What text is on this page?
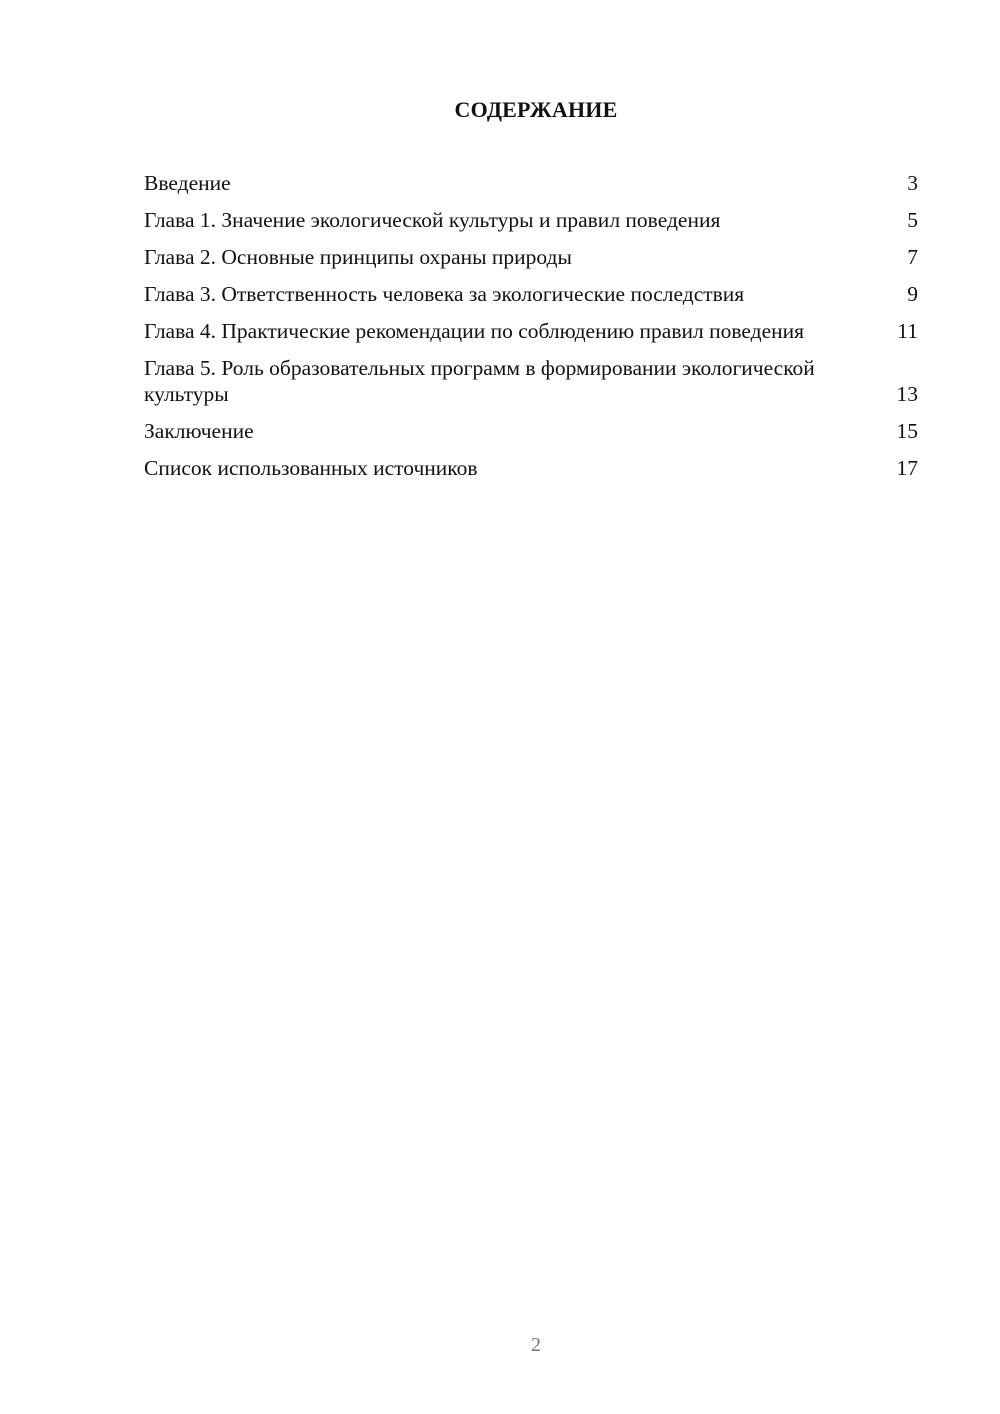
СОДЕРЖАНИЕ
Введение	3
Глава 1. Значение экологической культуры и правил поведения	5
Глава 2. Основные принципы охраны природы	7
Глава 3. Ответственность человека за экологические последствия	9
Глава 4. Практические рекомендации по соблюдению правил поведения	11
Глава 5. Роль образовательных программ в формировании экологической культуры	13
Заключение	15
Список использованных источников	17
2
